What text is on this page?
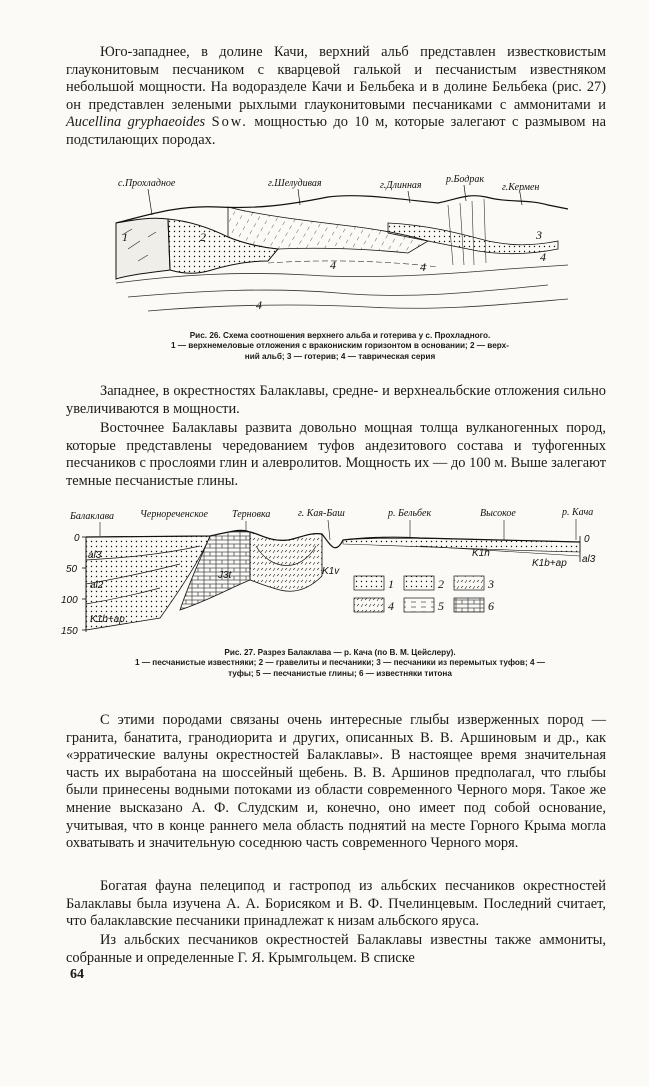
Юго-западнее, в долине Качи, верхний альб представлен известковистым глауконитовым песчаником с кварцевой галькой и песчанистым известняком небольшой мощности. На водоразделе Качи и Бельбека и в долине Бельбека (рис. 27) он представлен зелеными рыхлыми глауконитовыми песчаниками с аммонитами и Aucellina gryphaeoides Sow. мощностью до 10 м, которые залегают с размывом на подстилающих породах.

с.Прохладное	г.Шелудивая	г.Длинная
р.Бодрак
г.Кермен
1	2	3
4
4
4
4
Рис. 26. Схема соотношения верхнего альба и готерива у с. Прохладного.
1 — верхнемеловые отложения с вракониским горизонтом в основании; 2 — верх-
ний альб; 3 — готерив; 4 — таврическая серия

Западнее, в окрестностях Балаклавы, средне- и верхнеальбские отложения сильно увеличиваются в мощности.

Восточнее Балаклавы развита довольно мощная толща вулканогенных пород, которые представлены чередованием туфов андезитового состава и туфогенных песчаников с прослоями глин и алевролитов. Мощность их — до 100 м. Выше залегают темные песчанистые глины.

0
50
100
150
0
Балаклава	Чернореченское Терновка	г. Кая-Баш	р. Бельбек	Высокое	р. Кача
al3
al2
K1b+ap
J3t	K1v
K1h
K1b+ap al3
1	2	3
4	5	6
Рис. 27. Разрез Балаклава — р. Кача (по В. М. Цейслеру).
1 — песчанистые известняки; 2 — гравелиты и песчаники; 3 — песчаники из перемытых туфов; 4 —
туфы; 5 — песчанистые глины; 6 — известняки титона

С этими породами связаны очень интересные глыбы изверженных пород — гранита, банатита, гранодиорита и других, описанных В. В. Аршиновым и др., как «эрратические валуны окрестностей Балаклавы». В настоящее время значительная часть их выработана на шоссейный щебень. В. В. Аршинов предполагал, что глыбы были принесены водными потоками из области современного Черного моря. Такое же мнение высказано А. Ф. Слудским и, конечно, оно имеет под собой основание, учитывая, что в конце раннего мела область поднятий на месте Горного Крыма могла охватывать и значительную соседнюю часть современного Черного моря.

Богатая фауна пелеципод и гастропод из альбских песчаников окрестностей Балаклавы была изучена А. А. Борисяком и В. Ф. Пчелинцевым. Последний считает, что балаклавские песчаники принадлежат к низам альбского яруса.

Из альбских песчаников окрестностей Балаклавы известны также аммониты, собранные и определенные Г. Я. Крымгольцем. В списке

64
